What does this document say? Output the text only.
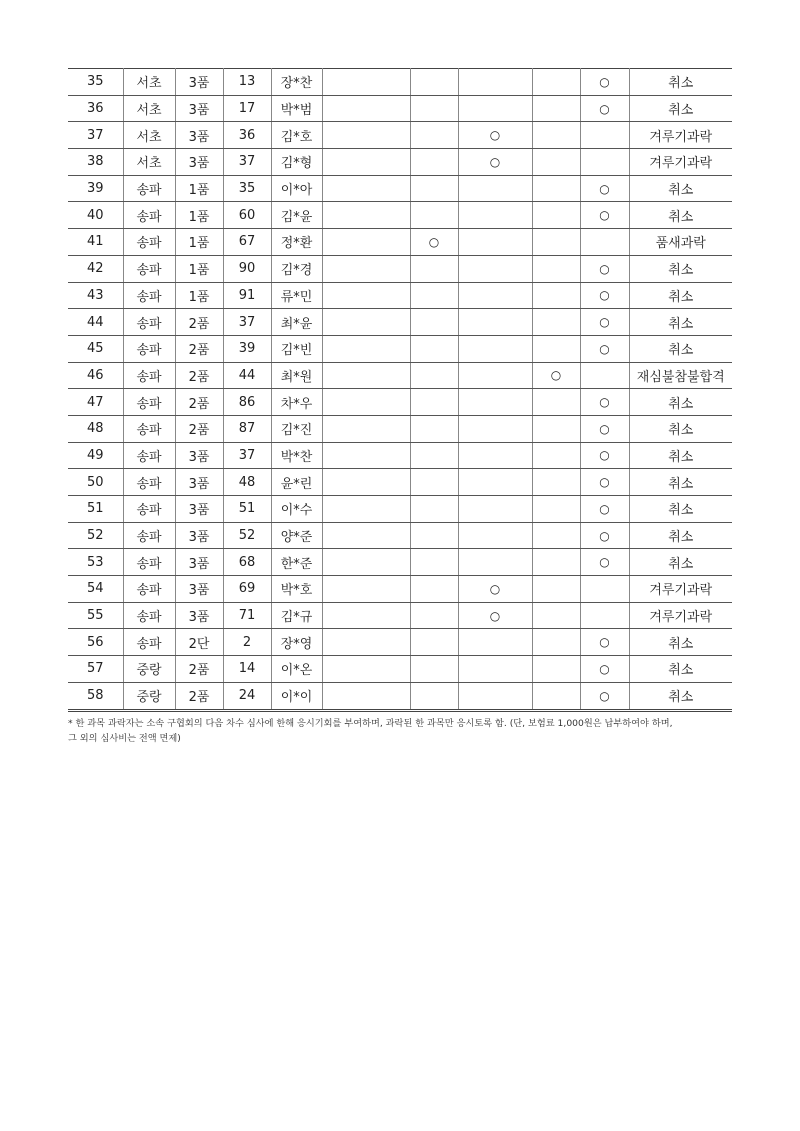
35	서초	3품	13	장*찬					○	취소
36	서초	3품	17	박*범					○	취소
37	서초	3품	36	김*호			○			겨루기과락
38	서초	3품	37	김*형			○			겨루기과락
39	송파	1품	35	이*아					○	취소
40	송파	1품	60	김*윤					○	취소
41	송파	1품	67	정*환		○				품새과락
42	송파	1품	90	김*경					○	취소
43	송파	1품	91	류*민					○	취소
44	송파	2품	37	최*윤					○	취소
45	송파	2품	39	김*빈					○	취소
46	송파	2품	44	최*원				○		재심불참불합격
47	송파	2품	86	차*우					○	취소
48	송파	2품	87	김*진					○	취소
49	송파	3품	37	박*찬					○	취소
50	송파	3품	48	윤*린					○	취소
51	송파	3품	51	이*수					○	취소
52	송파	3품	52	양*준					○	취소
53	송파	3품	68	한*준					○	취소
54	송파	3품	69	박*호			○			겨루기과락
55	송파	3품	71	김*규			○			겨루기과락
56	송파	2단	2	장*영					○	취소
57	중랑	2품	14	이*온					○	취소
58	중랑	2품	24	이*이					○	취소
* 한 과목 과락자는 소속 구협회의 다음 차수 심사에 한해 응시기회를 부여하며, 과락된 한 과목만 응시토록 함. (단, 보험료 1,000원은 납부하여야 하며,
그 외의 심사비는 전액 면제)
